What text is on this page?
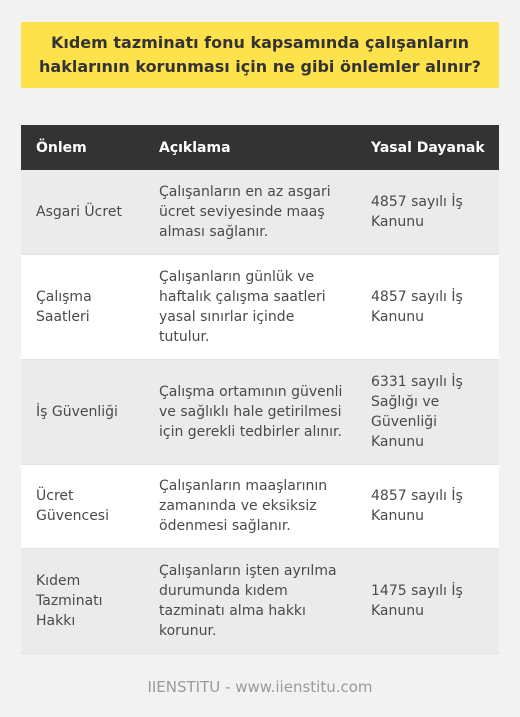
Kıdem tazminatı fonu kapsamında çalışanların haklarının korunması için ne gibi önlemler alınır?
Önlem	Açıklama	Yasal Dayanak
Asgari Ücret	Çalışanların en az asgari ücret seviyesinde maaş alması sağlanır.	4857 sayılı İş Kanunu
Çalışma Saatleri	Çalışanların günlük ve haftalık çalışma saatleri yasal sınırlar içinde tutulur.	4857 sayılı İş Kanunu
İş Güvenliği	Çalışma ortamının güvenli ve sağlıklı hale getirilmesi için gerekli tedbirler alınır.	6331 sayılı İş Sağlığı ve Güvenliği Kanunu
Ücret Güvencesi	Çalışanların maaşlarının zamanında ve eksiksiz ödenmesi sağlanır.	4857 sayılı İş Kanunu
Kıdem Tazminatı Hakkı	Çalışanların işten ayrılma durumunda kıdem tazminatı alma hakkı korunur.	1475 sayılı İş Kanunu
IIENSTITU - www.iienstitu.com
